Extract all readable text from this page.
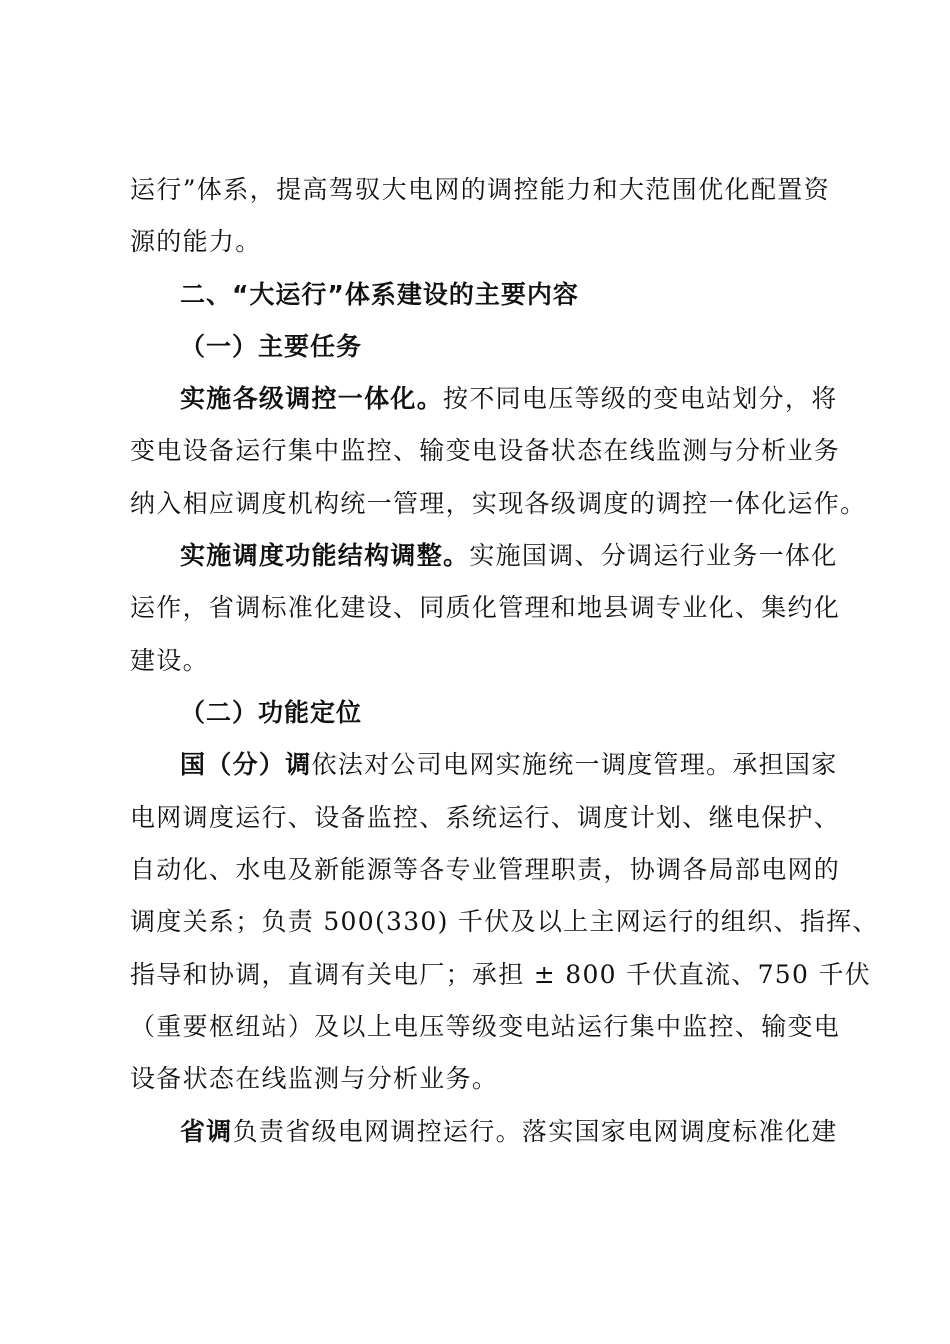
运行”体系，提高驾驭大电网的调控能力和大范围优化配置资
源的能力。
二、“大运行”体系建设的主要内容
（一）主要任务
实施各级调控一体化。按不同电压等级的变电站划分，将
变电设备运行集中监控、输变电设备状态在线监测与分析业务
纳入相应调度机构统一管理，实现各级调度的调控一体化运作。
实施调度功能结构调整。实施国调、分调运行业务一体化
运作，省调标准化建设、同质化管理和地县调专业化、集约化
建设。
（二）功能定位
国（分）调依法对公司电网实施统一调度管理。承担国家
电网调度运行、设备监控、系统运行、调度计划、继电保护、
自动化、水电及新能源等各专业管理职责，协调各局部电网的
调度关系；负责 500(330) 千伏及以上主网运行的组织、指挥、
指导和协调，直调有关电厂；承担 ± 800 千伏直流、750 千伏
（重要枢纽站）及以上电压等级变电站运行集中监控、输变电
设备状态在线监测与分析业务。
省调负责省级电网调控运行。落实国家电网调度标准化建
